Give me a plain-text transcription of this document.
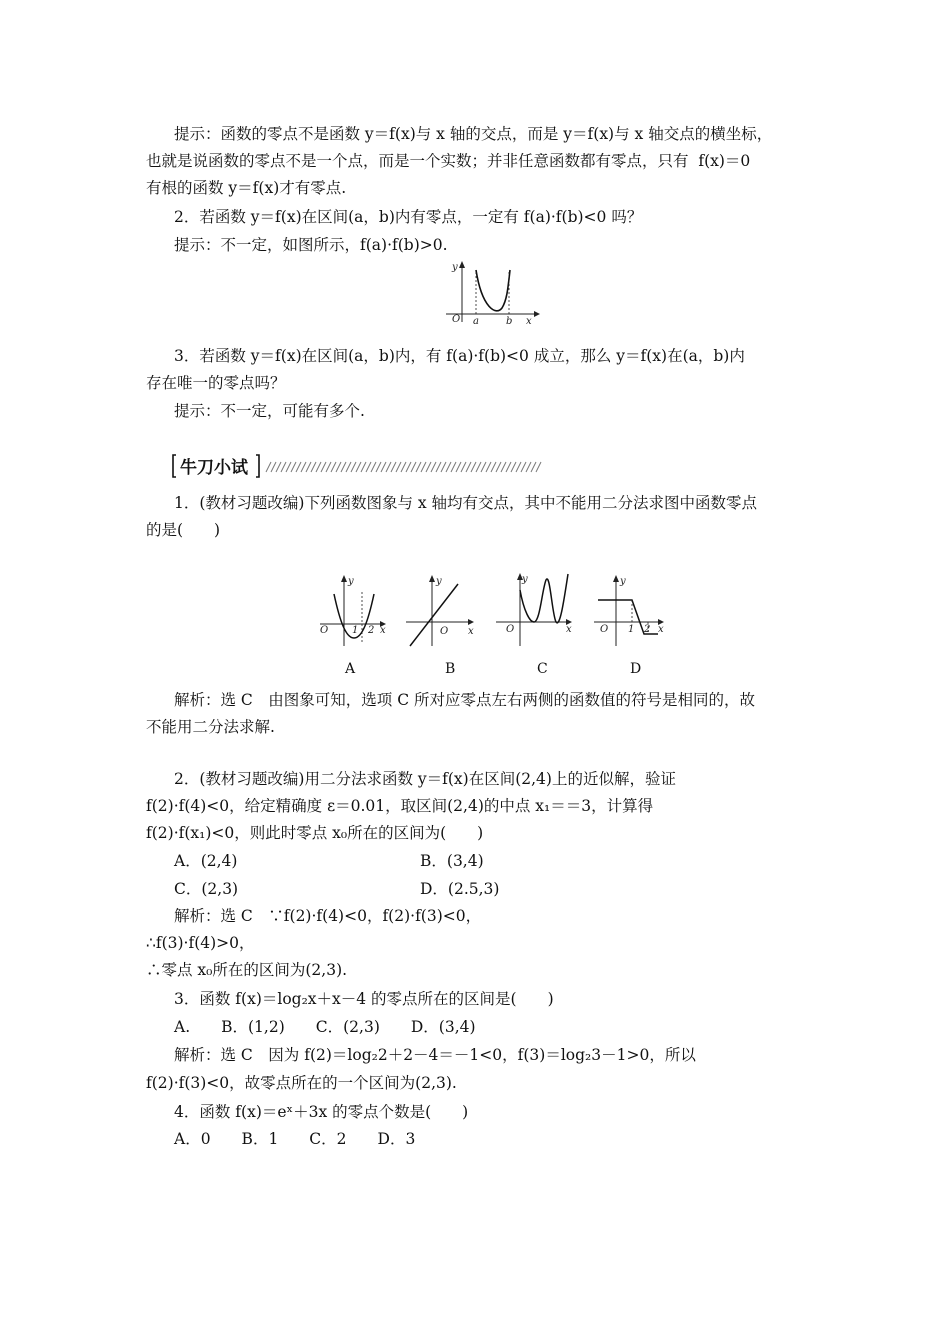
提示：函数的零点不是函数 y＝f(x)与 x 轴的交点，而是 y＝f(x)与 x 轴交点的横坐标，
也就是说函数的零点不是一个点，而是一个实数；并非任意函数都有零点，只有  f(x)＝0
有根的函数 y＝f(x)才有零点.
2．若函数 y＝f(x)在区间(a，b)内有零点，一定有 f(a)·f(b)<0 吗？
提示：不一定，如图所示，f(a)·f(b)>0.
y
O a	b x
3．若函数 y＝f(x)在区间(a，b)内，有 f(a)·f(b)<0 成立，那么 y＝f(x)在(a，b)内
存在唯一的零点吗？
提示：不一定，可能有多个.
牛刀小试
1．(教材习题改编)下列函数图象与 x 轴均有交点，其中不能用二分法求图中函数零点
的是(　　)
y
O 1 2 x
A
y
O x
B
y
O	x
C
y
O 1 2 x
D
解析：选 C　由图象可知，选项 C 所对应零点左右两侧的函数值的符号是相同的，故
不能用二分法求解.
2．(教材习题改编)用二分法求函数 y＝f(x)在区间(2,4)上的近似解，验证
f(2)·f(4)<0，给定精确度 ε＝0.01，取区间(2,4)的中点 x₁＝＝3，计算得
f(2)·f(x₁)<0，则此时零点 x₀所在的区间为(　　)
A．(2,4)	B．(3,4)
C．(2,3)	D．(2.5,3)
解析：选 C　∵f(2)·f(4)<0，f(2)·f(3)<0，
∴f(3)·f(4)>0，
∴零点 x₀所在的区间为(2,3).
3．函数 f(x)＝log₂x＋x－4 的零点所在的区间是(　　)
A.　　B．(1,2)　　C．(2,3)　　D．(3,4)
解析：选 C　因为 f(2)＝log₂2＋2－4＝－1<0，f(3)＝log₂3－1>0，所以
f(2)·f(3)<0，故零点所在的一个区间为(2,3).
4．函数 f(x)＝eˣ＋3x 的零点个数是(　　)
A．0　　B．1　　C．2　　D．3
